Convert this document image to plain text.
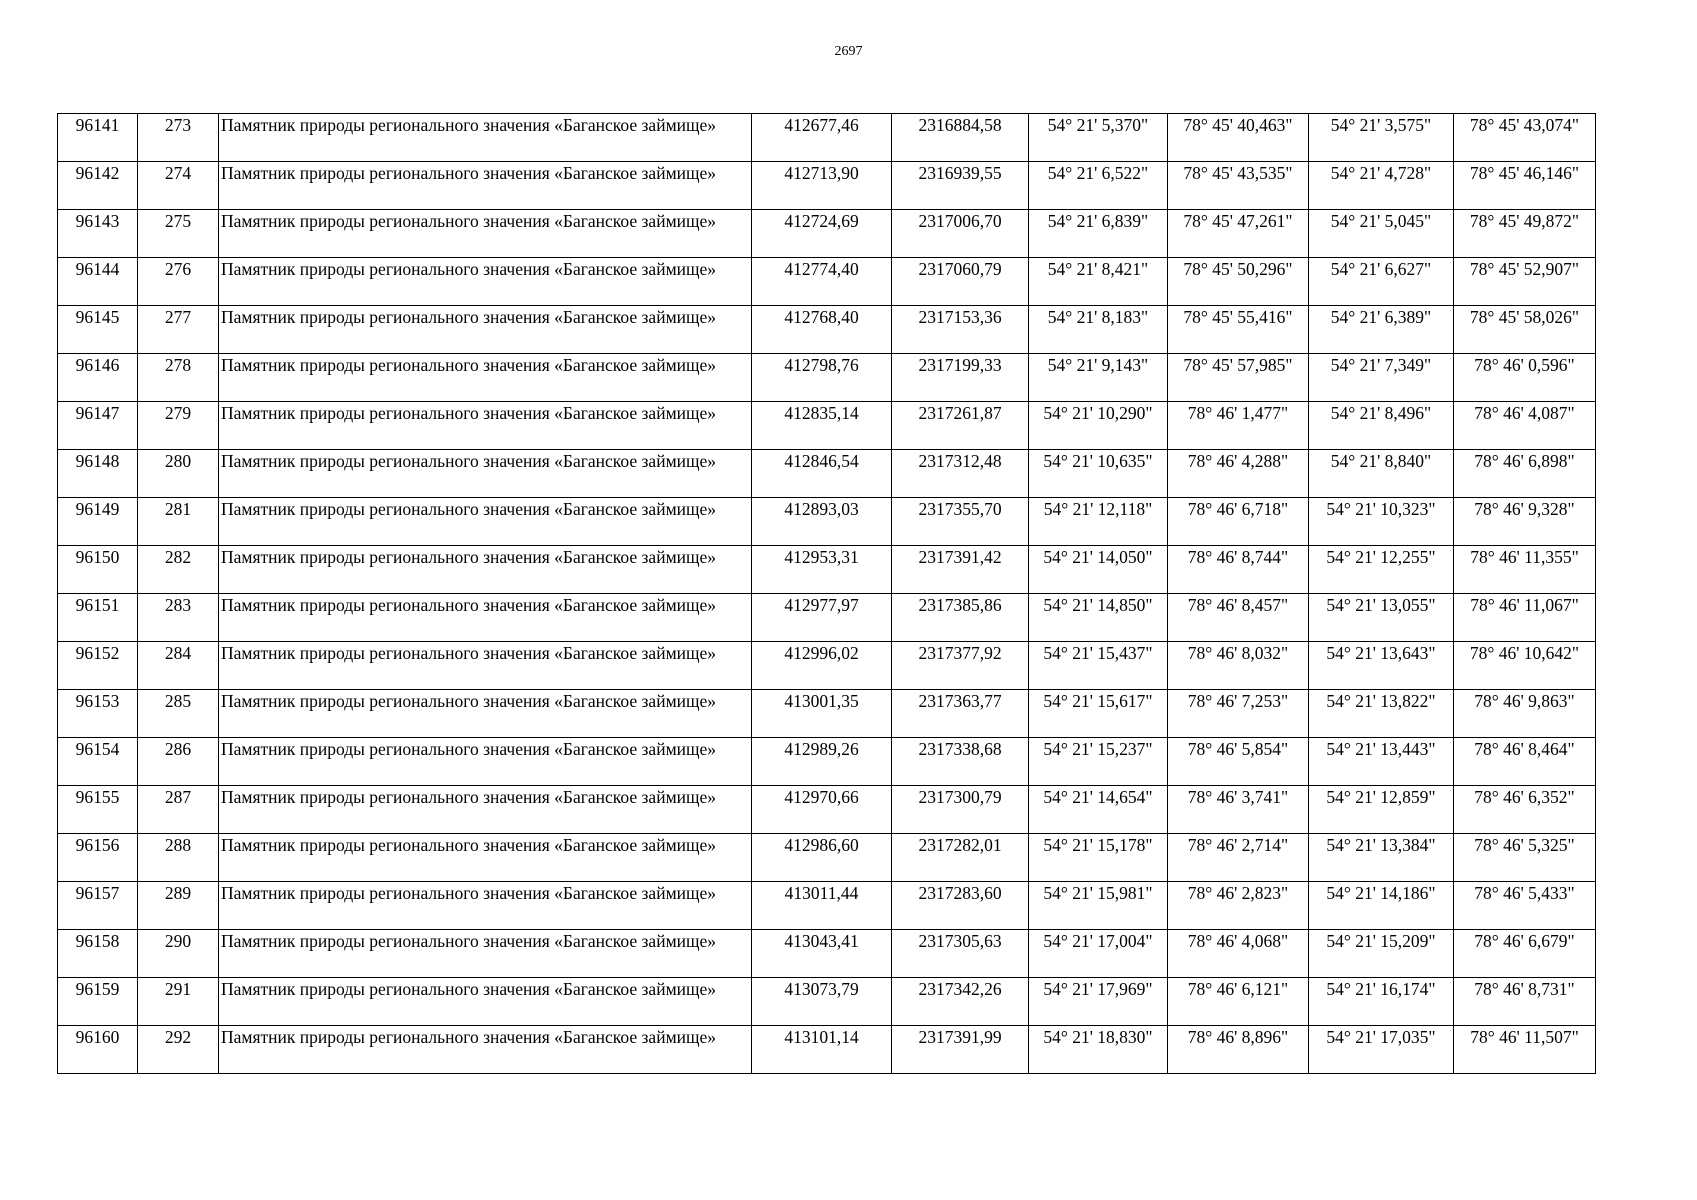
2697
96141	273	Памятник природы регионального значения «Баганское займище»	412677,46	2316884,58	54° 21' 5,370"	78° 45' 40,463"	54° 21' 3,575"	78° 45' 43,074"
96142	274	Памятник природы регионального значения «Баганское займище»	412713,90	2316939,55	54° 21' 6,522"	78° 45' 43,535"	54° 21' 4,728"	78° 45' 46,146"
96143	275	Памятник природы регионального значения «Баганское займище»	412724,69	2317006,70	54° 21' 6,839"	78° 45' 47,261"	54° 21' 5,045"	78° 45' 49,872"
96144	276	Памятник природы регионального значения «Баганское займище»	412774,40	2317060,79	54° 21' 8,421"	78° 45' 50,296"	54° 21' 6,627"	78° 45' 52,907"
96145	277	Памятник природы регионального значения «Баганское займище»	412768,40	2317153,36	54° 21' 8,183"	78° 45' 55,416"	54° 21' 6,389"	78° 45' 58,026"
96146	278	Памятник природы регионального значения «Баганское займище»	412798,76	2317199,33	54° 21' 9,143"	78° 45' 57,985"	54° 21' 7,349"	78° 46' 0,596"
96147	279	Памятник природы регионального значения «Баганское займище»	412835,14	2317261,87	54° 21' 10,290"	78° 46' 1,477"	54° 21' 8,496"	78° 46' 4,087"
96148	280	Памятник природы регионального значения «Баганское займище»	412846,54	2317312,48	54° 21' 10,635"	78° 46' 4,288"	54° 21' 8,840"	78° 46' 6,898"
96149	281	Памятник природы регионального значения «Баганское займище»	412893,03	2317355,70	54° 21' 12,118"	78° 46' 6,718"	54° 21' 10,323"	78° 46' 9,328"
96150	282	Памятник природы регионального значения «Баганское займище»	412953,31	2317391,42	54° 21' 14,050"	78° 46' 8,744"	54° 21' 12,255"	78° 46' 11,355"
96151	283	Памятник природы регионального значения «Баганское займище»	412977,97	2317385,86	54° 21' 14,850"	78° 46' 8,457"	54° 21' 13,055"	78° 46' 11,067"
96152	284	Памятник природы регионального значения «Баганское займище»	412996,02	2317377,92	54° 21' 15,437"	78° 46' 8,032"	54° 21' 13,643"	78° 46' 10,642"
96153	285	Памятник природы регионального значения «Баганское займище»	413001,35	2317363,77	54° 21' 15,617"	78° 46' 7,253"	54° 21' 13,822"	78° 46' 9,863"
96154	286	Памятник природы регионального значения «Баганское займище»	412989,26	2317338,68	54° 21' 15,237"	78° 46' 5,854"	54° 21' 13,443"	78° 46' 8,464"
96155	287	Памятник природы регионального значения «Баганское займище»	412970,66	2317300,79	54° 21' 14,654"	78° 46' 3,741"	54° 21' 12,859"	78° 46' 6,352"
96156	288	Памятник природы регионального значения «Баганское займище»	412986,60	2317282,01	54° 21' 15,178"	78° 46' 2,714"	54° 21' 13,384"	78° 46' 5,325"
96157	289	Памятник природы регионального значения «Баганское займище»	413011,44	2317283,60	54° 21' 15,981"	78° 46' 2,823"	54° 21' 14,186"	78° 46' 5,433"
96158	290	Памятник природы регионального значения «Баганское займище»	413043,41	2317305,63	54° 21' 17,004"	78° 46' 4,068"	54° 21' 15,209"	78° 46' 6,679"
96159	291	Памятник природы регионального значения «Баганское займище»	413073,79	2317342,26	54° 21' 17,969"	78° 46' 6,121"	54° 21' 16,174"	78° 46' 8,731"
96160	292	Памятник природы регионального значения «Баганское займище»	413101,14	2317391,99	54° 21' 18,830"	78° 46' 8,896"	54° 21' 17,035"	78° 46' 11,507"
